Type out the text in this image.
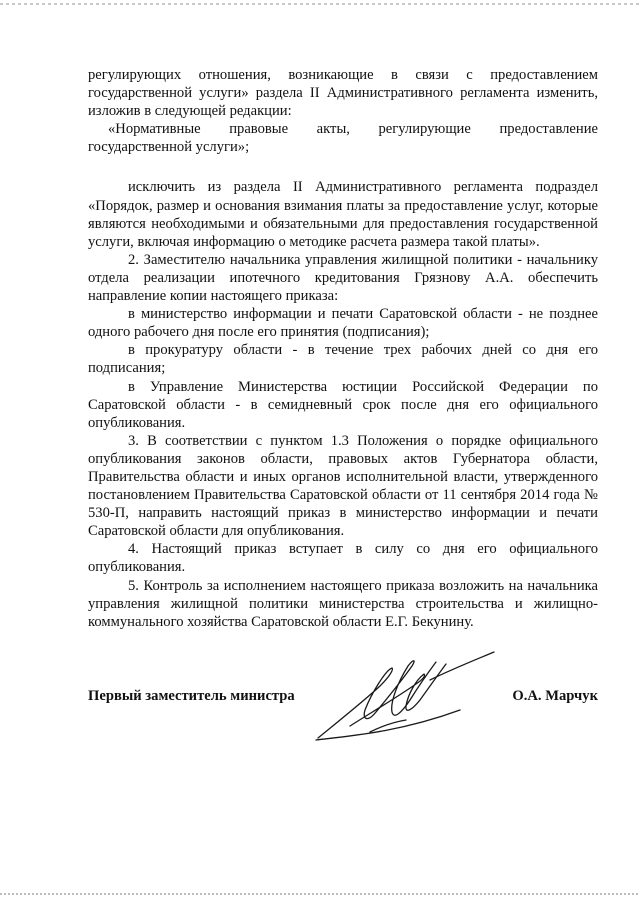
регулирующих отношения, возникающие в связи с предоставлением государственной услуги» раздела II Административного регламента изменить, изложив в следующей редакции:

«Нормативные правовые акты, регулирующие предоставление
государственной услуги»;

исключить из раздела II Административного регламента подраздел «Порядок, размер и основания взимания платы за предоставление услуг, которые являются необходимыми и обязательными для предоставления государственной услуги, включая информацию о методике расчета размера такой платы».

2. Заместителю начальника управления жилищной политики - начальнику отдела реализации ипотечного кредитования Грязнову А.А. обеспечить направление копии настоящего приказа:

в министерство информации и печати Саратовской области - не позднее одного рабочего дня после его принятия (подписания);

в прокуратуру области - в течение трех рабочих дней со дня его подписания;

в Управление Министерства юстиции Российской Федерации по Саратовской области - в семидневный срок после дня его официального опубликования.

3. В соответствии с пунктом 1.3 Положения о порядке официального опубликования законов области, правовых актов Губернатора области, Правительства области и иных органов исполнительной власти, утвержденного постановлением Правительства Саратовской области от 11 сентября 2014 года № 530-П, направить настоящий приказ в министерство информации и печати Саратовской области для опубликования.

4. Настоящий приказ вступает в силу со дня его официального опубликования.

5. Контроль за исполнением настоящего приказа возложить на начальника управления жилищной политики министерства строительства и жилищно-коммунального хозяйства Саратовской области Е.Г. Бекунину.

Первый заместитель министра	О.А. Марчук
